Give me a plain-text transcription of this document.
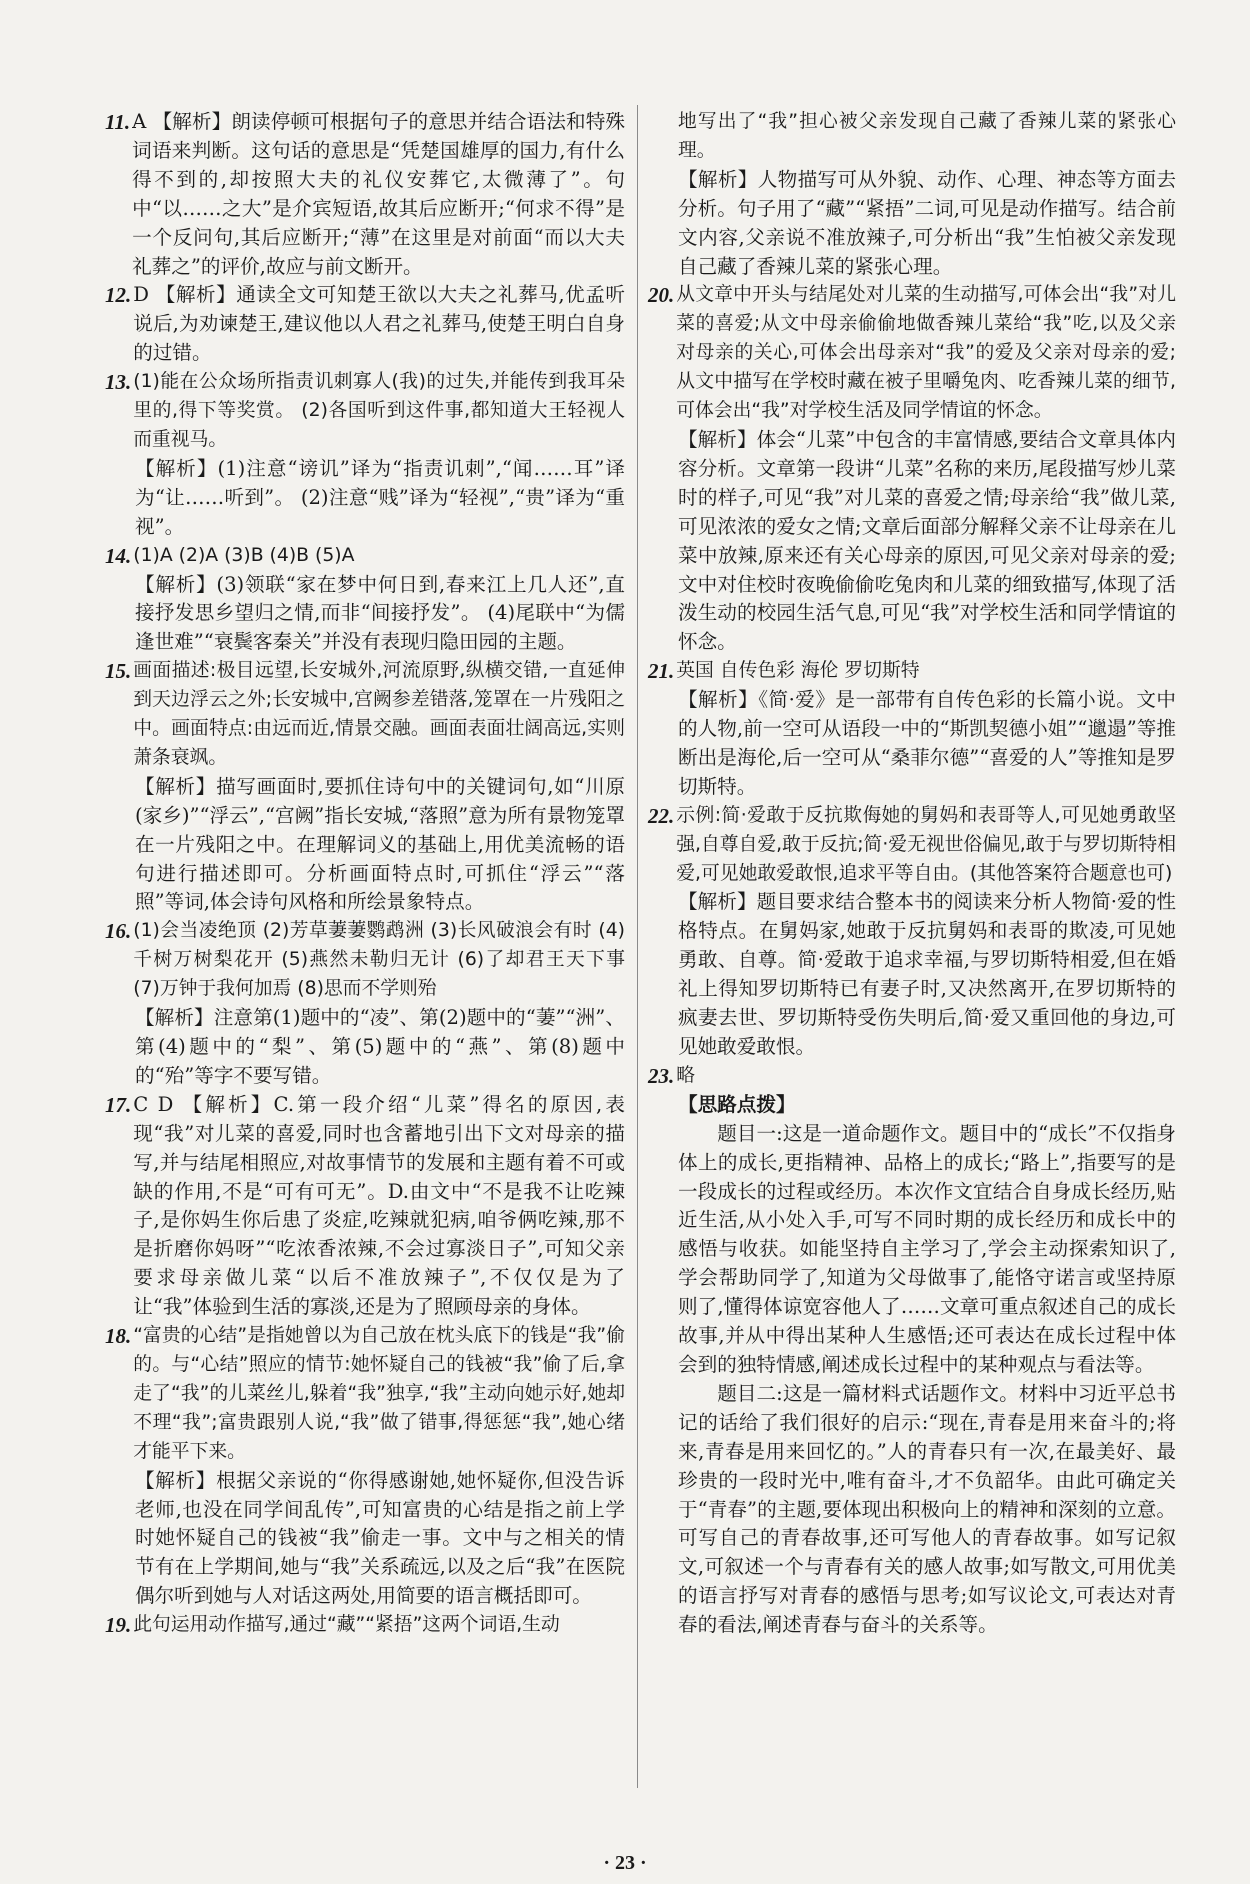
11. A 【解析】朗读停顿可根据句子的意思并结合语法和特殊词语来判断。这句话的意思是“凭楚国雄厚的国力,有什么得不到的,却按照大夫的礼仪安葬它,太微薄了”。句中“以……之大”是介宾短语,故其后应断开;“何求不得”是一个反问句,其后应断开;“薄”在这里是对前面“而以大夫礼葬之”的评价,故应与前文断开。

12. D 【解析】通读全文可知楚王欲以大夫之礼葬马,优孟听说后,为劝谏楚王,建议他以人君之礼葬马,使楚王明白自身的过错。

13. (1)能在公众场所指责讥刺寡人(我)的过失,并能传到我耳朵里的,得下等奖赏。 (2)各国听到这件事,都知道大王轻视人而重视马。

【解析】(1)注意“谤讥”译为“指责讥刺”,“闻……耳”译为“让……听到”。 (2)注意“贱”译为“轻视”,“贵”译为“重视”。

14. (1)A (2)A (3)B (4)B (5)A

【解析】(3)领联“家在梦中何日到,春来江上几人还”,直接抒发思乡望归之情,而非“间接抒发”。 (4)尾联中“为儒逢世难”“衰鬓客秦关”并没有表现归隐田园的主题。

15. 画面描述:极目远望,长安城外,河流原野,纵横交错,一直延伸到天边浮云之外;长安城中,宫阙参差错落,笼罩在一片残阳之中。画面特点:由远而近,情景交融。画面表面壮阔高远,实则萧条衰飒。

【解析】描写画面时,要抓住诗句中的关键词句,如“川原(家乡)”“浮云”,“宫阙”指长安城,“落照”意为所有景物笼罩在一片残阳之中。在理解词义的基础上,用优美流畅的语句进行描述即可。分析画面特点时,可抓住“浮云”“落照”等词,体会诗句风格和所绘景象特点。

16. (1)会当凌绝顶 (2)芳草萋萋鹦鹉洲 (3)长风破浪会有时 (4)千树万树梨花开 (5)燕然未勒归无计 (6)了却君王天下事 (7)万钟于我何加焉 (8)思而不学则殆

【解析】注意第(1)题中的“凌”、第(2)题中的“萋”“洲”、第(4)题中的“梨”、第(5)题中的“燕”、第(8)题中的“殆”等字不要写错。

17. C D 【解析】C.第一段介绍“儿菜”得名的原因,表现“我”对儿菜的喜爱,同时也含蓄地引出下文对母亲的描写,并与结尾相照应,对故事情节的发展和主题有着不可或缺的作用,不是“可有可无”。D.由文中“不是我不让吃辣子,是你妈生你后患了炎症,吃辣就犯病,咱爷俩吃辣,那不是折磨你妈呀”“吃浓香浓辣,不会过寡淡日子”,可知父亲要求母亲做儿菜“以后不准放辣子”,不仅仅是为了让“我”体验到生活的寡淡,还是为了照顾母亲的身体。

18. “富贵的心结”是指她曾以为自己放在枕头底下的钱是“我”偷的。与“心结”照应的情节:她怀疑自己的钱被“我”偷了后,拿走了“我”的儿菜丝儿,躲着“我”独享,“我”主动向她示好,她却不理“我”;富贵跟别人说,“我”做了错事,得惩惩“我”,她心绪才能平下来。

【解析】根据父亲说的“你得感谢她,她怀疑你,但没告诉老师,也没在同学间乱传”,可知富贵的心结是指之前上学时她怀疑自己的钱被“我”偷走一事。文中与之相关的情节有在上学期间,她与“我”关系疏远,以及之后“我”在医院偶尔听到她与人对话这两处,用简要的语言概括即可。

19. 此句运用动作描写,通过“藏”“紧捂”这两个词语,生动

地写出了“我”担心被父亲发现自己藏了香辣儿菜的紧张心理。

【解析】人物描写可从外貌、动作、心理、神态等方面去分析。句子用了“藏”“紧捂”二词,可见是动作描写。结合前文内容,父亲说不准放辣子,可分析出“我”生怕被父亲发现自己藏了香辣儿菜的紧张心理。

20. 从文章中开头与结尾处对儿菜的生动描写,可体会出“我”对儿菜的喜爱;从文中母亲偷偷地做香辣儿菜给“我”吃,以及父亲对母亲的关心,可体会出母亲对“我”的爱及父亲对母亲的爱;从文中描写在学校时藏在被子里嚼兔肉、吃香辣儿菜的细节,可体会出“我”对学校生活及同学情谊的怀念。

【解析】体会“儿菜”中包含的丰富情感,要结合文章具体内容分析。文章第一段讲“儿菜”名称的来历,尾段描写炒儿菜时的样子,可见“我”对儿菜的喜爱之情;母亲给“我”做儿菜,可见浓浓的爱女之情;文章后面部分解释父亲不让母亲在儿菜中放辣,原来还有关心母亲的原因,可见父亲对母亲的爱;文中对住校时夜晚偷偷吃兔肉和儿菜的细致描写,体现了活泼生动的校园生活气息,可见“我”对学校生活和同学情谊的怀念。

21. 英国 自传色彩 海伦 罗切斯特

【解析】《简·爱》是一部带有自传色彩的长篇小说。文中的人物,前一空可从语段一中的“斯凯契德小姐”“邋遢”等推断出是海伦,后一空可从“桑菲尔德”“喜爱的人”等推知是罗切斯特。

22. 示例:简·爱敢于反抗欺侮她的舅妈和表哥等人,可见她勇敢坚强,自尊自爱,敢于反抗;简·爱无视世俗偏见,敢于与罗切斯特相爱,可见她敢爱敢恨,追求平等自由。(其他答案符合题意也可)

【解析】题目要求结合整本书的阅读来分析人物简·爱的性格特点。在舅妈家,她敢于反抗舅妈和表哥的欺凌,可见她勇敢、自尊。简·爱敢于追求幸福,与罗切斯特相爱,但在婚礼上得知罗切斯特已有妻子时,又决然离开,在罗切斯特的疯妻去世、罗切斯特受伤失明后,简·爱又重回他的身边,可见她敢爱敢恨。

23. 略

【思路点拨】

题目一:这是一道命题作文。题目中的“成长”不仅指身体上的成长,更指精神、品格上的成长;“路上”,指要写的是一段成长的过程或经历。本次作文宜结合自身成长经历,贴近生活,从小处入手,可写不同时期的成长经历和成长中的感悟与收获。如能坚持自主学习了,学会主动探索知识了,学会帮助同学了,知道为父母做事了,能恪守诺言或坚持原则了,懂得体谅宽容他人了……文章可重点叙述自己的成长故事,并从中得出某种人生感悟;还可表达在成长过程中体会到的独特情感,阐述成长过程中的某种观点与看法等。

题目二:这是一篇材料式话题作文。材料中习近平总书记的话给了我们很好的启示:“现在,青春是用来奋斗的;将来,青春是用来回忆的。”人的青春只有一次,在最美好、最珍贵的一段时光中,唯有奋斗,才不负韶华。由此可确定关于“青春”的主题,要体现出积极向上的精神和深刻的立意。可写自己的青春故事,还可写他人的青春故事。如写记叙文,可叙述一个与青春有关的感人故事;如写散文,可用优美的语言抒写对青春的感悟与思考;如写议论文,可表达对青春的看法,阐述青春与奋斗的关系等。

· 23 ·
